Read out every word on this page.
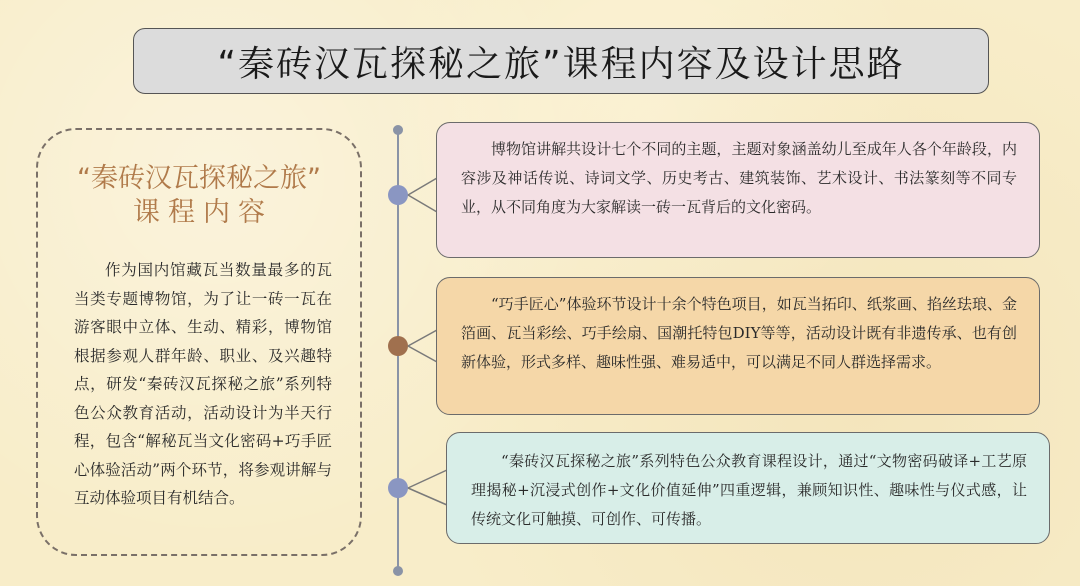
“秦砖汉瓦探秘之旅”课程内容及设计思路
“秦砖汉瓦探秘之旅”
课程内容
作为国内馆藏瓦当数量最多的瓦当类专题博物馆，为了让一砖一瓦在游客眼中立体、生动、精彩，博物馆根据参观人群年龄、职业、及兴趣特点，研发“秦砖汉瓦探秘之旅”系列特色公众教育活动，活动设计为半天行程，包含“解秘瓦当文化密码+巧手匠心体验活动”两个环节，将参观讲解与互动体验项目有机结合。
博物馆讲解共设计七个不同的主题，主题对象涵盖幼儿至成年人各个年龄段，内容涉及神话传说、诗词文学、历史考古、建筑装饰、艺术设计、书法篆刻等不同专业，从不同角度为大家解读一砖一瓦背后的文化密码。
“巧手匠心”体验环节设计十余个特色项目，如瓦当拓印、纸浆画、掐丝珐琅、金箔画、瓦当彩绘、巧手绘扇、国潮托特包DIY等等，活动设计既有非遗传承、也有创新体验，形式多样、趣味性强、难易适中，可以满足不同人群选择需求。
“秦砖汉瓦探秘之旅”系列特色公众教育课程设计，通过“文物密码破译+工艺原理揭秘+沉浸式创作+文化价值延伸”四重逻辑，兼顾知识性、趣味性与仪式感，让传统文化可触摸、可创作、可传播。
